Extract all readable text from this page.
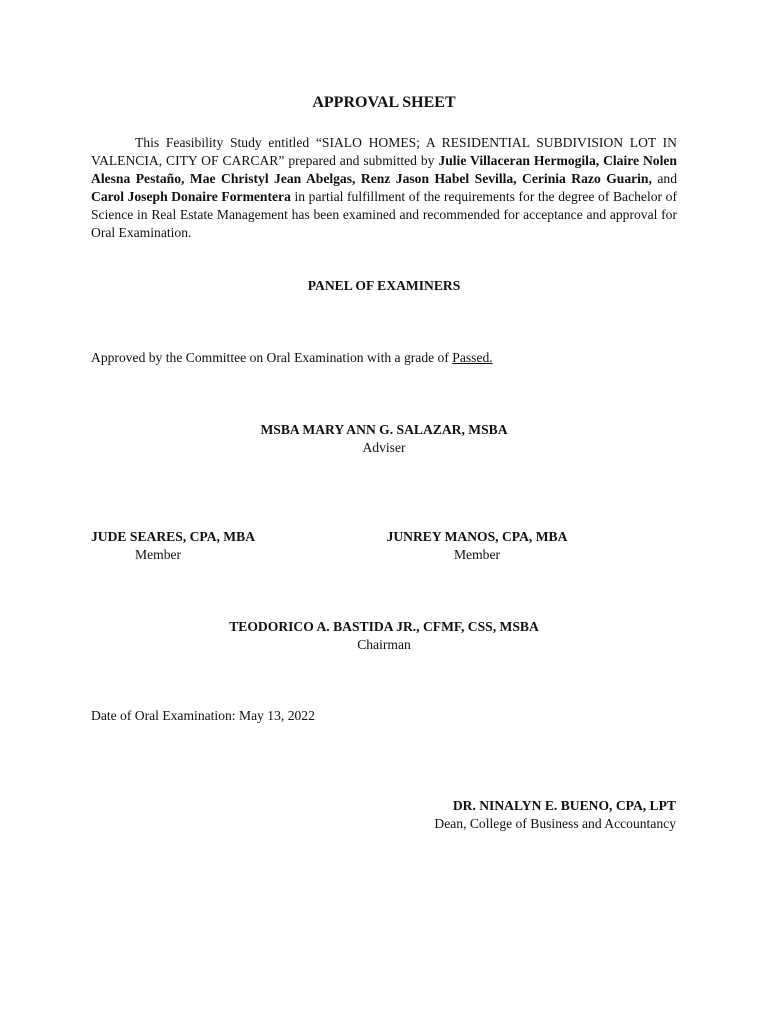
APPROVAL SHEET
This Feasibility Study entitled “SIALO HOMES; A RESIDENTIAL SUBDIVISION LOT IN VALENCIA, CITY OF CARCAR” prepared and submitted by Julie Villaceran Hermogila, Claire Nolen Alesna Pestaño, Mae Christyl Jean Abelgas, Renz Jason Habel Sevilla, Cerinia Razo Guarin, and Carol Joseph Donaire Formentera in partial fulfillment of the requirements for the degree of Bachelor of Science in Real Estate Management has been examined and recommended for acceptance and approval for Oral Examination.
PANEL OF EXAMINERS
Approved by the Committee on Oral Examination with a grade of Passed.
MSBA MARY ANN G. SALAZAR, MSBA
Adviser
JUDE SEARES, CPA, MBA
Member
JUNREY MANOS, CPA, MBA
Member
TEODORICO A. BASTIDA JR., CFMF, CSS, MSBA
Chairman
Date of Oral Examination: May 13, 2022
DR. NINALYN E. BUENO, CPA, LPT
Dean, College of Business and Accountancy
